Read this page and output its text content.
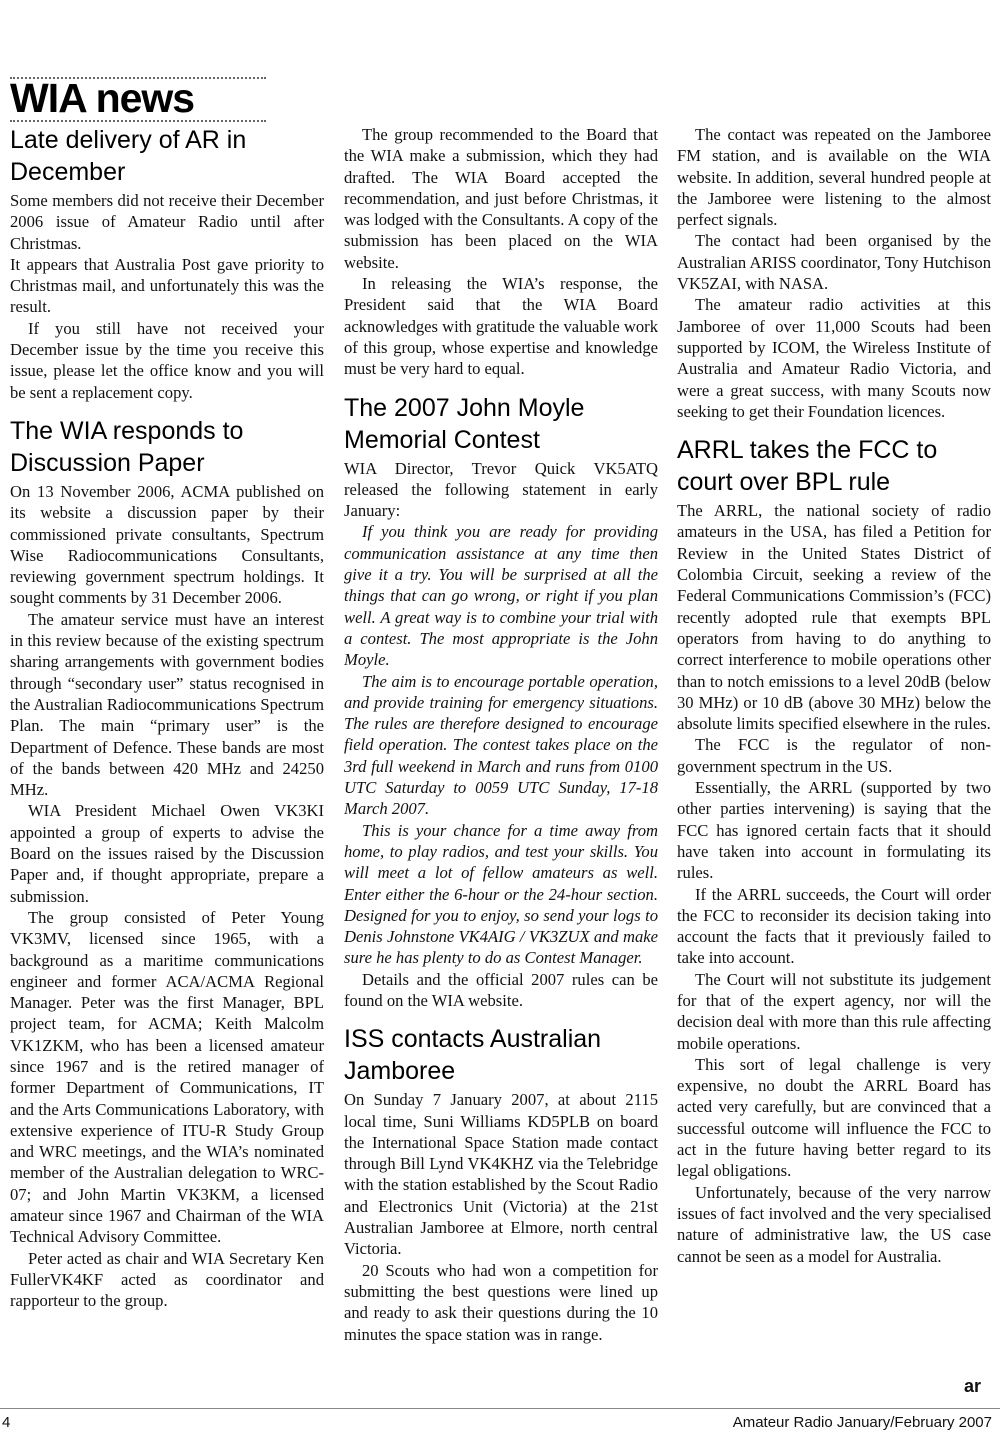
WIA news
Late delivery of AR in December

Some members did not receive their December 2006 issue of Amateur Radio until after Christmas.

It appears that Australia Post gave priority to Christmas mail, and unfortunately this was the result.

If you still have not received your December issue by the time you receive this issue, please let the office know and you will be sent a replacement copy.

The WIA responds to Discussion Paper

On 13 November 2006, ACMA published on its website a discussion paper by their commissioned private consultants, Spectrum Wise Radiocommunications Consultants, reviewing government spectrum holdings. It sought comments by 31 December 2006.

The amateur service must have an interest in this review because of the existing spectrum sharing arrangements with government bodies through “secondary user” status recognised in the Australian Radiocommunications Spectrum Plan. The main “primary user” is the Department of Defence. These bands are most of the bands between 420 MHz and 24250 MHz.

WIA President Michael Owen VK3KI appointed a group of experts to advise the Board on the issues raised by the Discussion Paper and, if thought appropriate, prepare a submission.

The group consisted of Peter Young VK3MV, licensed since 1965, with a background as a maritime communications engineer and former ACA/ACMA Regional Manager. Peter was the first Manager, BPL project team, for ACMA; Keith Malcolm VK1ZKM, who has been a licensed amateur since 1967 and is the retired manager of former Department of Communications, IT and the Arts Communications Laboratory, with extensive experience of ITU-R Study Group and WRC meetings, and the WIA’s nominated member of the Australian delegation to WRC-07; and John Martin VK3KM, a licensed amateur since 1967 and Chairman of the WIA Technical Advisory Committee.

Peter acted as chair and WIA Secretary Ken FullerVK4KF acted as coordinator and rapporteur to the group.

The group recommended to the Board that the WIA make a submission, which they had drafted. The WIA Board accepted the recommendation, and just before Christmas, it was lodged with the Consultants. A copy of the submission has been placed on the WIA website.

In releasing the WIA’s response, the President said that the WIA Board acknowledges with gratitude the valuable work of this group, whose expertise and knowledge must be very hard to equal.

The 2007 John Moyle Memorial Contest

WIA Director, Trevor Quick VK5ATQ released the following statement in early January:

If you think you are ready for providing communication assistance at any time then give it a try. You will be surprised at all the things that can go wrong, or right if you plan well. A great way is to combine your trial with a contest. The most appropriate is the John Moyle.

The aim is to encourage portable operation, and provide training for emergency situations. The rules are therefore designed to encourage field operation. The contest takes place on the 3rd full weekend in March and runs from 0100 UTC Saturday to 0059 UTC Sunday, 17-18 March 2007.

This is your chance for a time away from home, to play radios, and test your skills. You will meet a lot of fellow amateurs as well. Enter either the 6-hour or the 24-hour section. Designed for you to enjoy, so send your logs to Denis Johnstone VK4AIG / VK3ZUX and make sure he has plenty to do as Contest Manager.

Details and the official 2007 rules can be found on the WIA website.

ISS contacts Australian Jamboree

On Sunday 7 January 2007, at about 2115 local time, Suni Williams KD5PLB on board the International Space Station made contact through Bill Lynd VK4KHZ via the Telebridge with the station established by the Scout Radio and Electronics Unit (Victoria) at the 21st Australian Jamboree at Elmore, north central Victoria.

20 Scouts who had won a competition for submitting the best questions were lined up and ready to ask their questions during the 10 minutes the space station was in range.

The contact was repeated on the Jamboree FM station, and is available on the WIA website. In addition, several hundred people at the Jamboree were listening to the almost perfect signals.

The contact had been organised by the Australian ARISS coordinator, Tony Hutchison VK5ZAI, with NASA.

The amateur radio activities at this Jamboree of over 11,000 Scouts had been supported by ICOM, the Wireless Institute of Australia and Amateur Radio Victoria, and were a great success, with many Scouts now seeking to get their Foundation licences.

ARRL takes the FCC to court over BPL rule

The ARRL, the national society of radio amateurs in the USA, has filed a Petition for Review in the United States District of Colombia Circuit, seeking a review of the Federal Communications Commission’s (FCC) recently adopted rule that exempts BPL operators from having to do anything to correct interference to mobile operations other than to notch emissions to a level 20dB (below 30 MHz) or 10 dB (above 30 MHz) below the absolute limits specified elsewhere in the rules.

The FCC is the regulator of non-government spectrum in the US.

Essentially, the ARRL (supported by two other parties intervening) is saying that the FCC has ignored certain facts that it should have taken into account in formulating its rules.

If the ARRL succeeds, the Court will order the FCC to reconsider its decision taking into account the facts that it previously failed to take into account.

The Court will not substitute its judgement for that of the expert agency, nor will the decision deal with more than this rule affecting mobile operations.

This sort of legal challenge is very expensive, no doubt the ARRL Board has acted very carefully, but are convinced that a successful outcome will influence the FCC to act in the future having better regard to its legal obligations.

Unfortunately, because of the very narrow issues of fact involved and the very specialised nature of administrative law, the US case cannot be seen as a model for Australia.

ar
4	Amateur Radio January/February 2007
